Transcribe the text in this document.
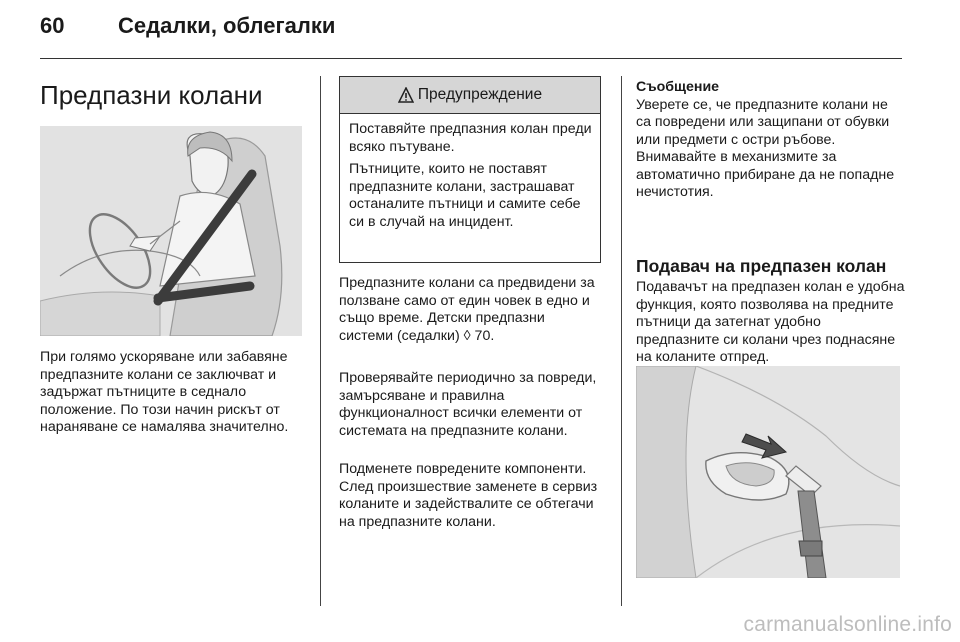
60 Седалки, облегалки
Предпазни колани

При голямо ускоряване или забавяне предпазните колани се заключват и задържат пътниците в седнало положение. По този начин рискът от нараняване се намалява значително.

Предупреждение

Поставяйте предпазния колан преди всяко пътуване.

Пътниците, които не поставят предпазните колани, застрашават останалите пътници и самите себе си в случай на инцидент.

Предпазните колани са предвидени за ползване само от един човек в едно и също време. Детски предпазни системи (седалки) ◊ 70.

Проверявайте периодично за повреди, замърсяване и правилна функционалност всички елементи от системата на предпазните колани.

Подменете повредените компоненти. След произшествие заменете в сервиз коланите и задействалите се обтегачи на предпазните колани.

Съобщение
Уверете се, че предпазните колани не са повредени или защипани от обувки или предмети с остри ръбове. Внимавайте в механизмите за автоматично прибиране да не попадне нечистотия.
Подавач на предпазен колан

Подавачът на предпазен колан е удобна функция, която позволява на предните пътници да затегнат удобно предпазните си колани чрез поднасяне на коланите отпред.

carmanualsonline.info
